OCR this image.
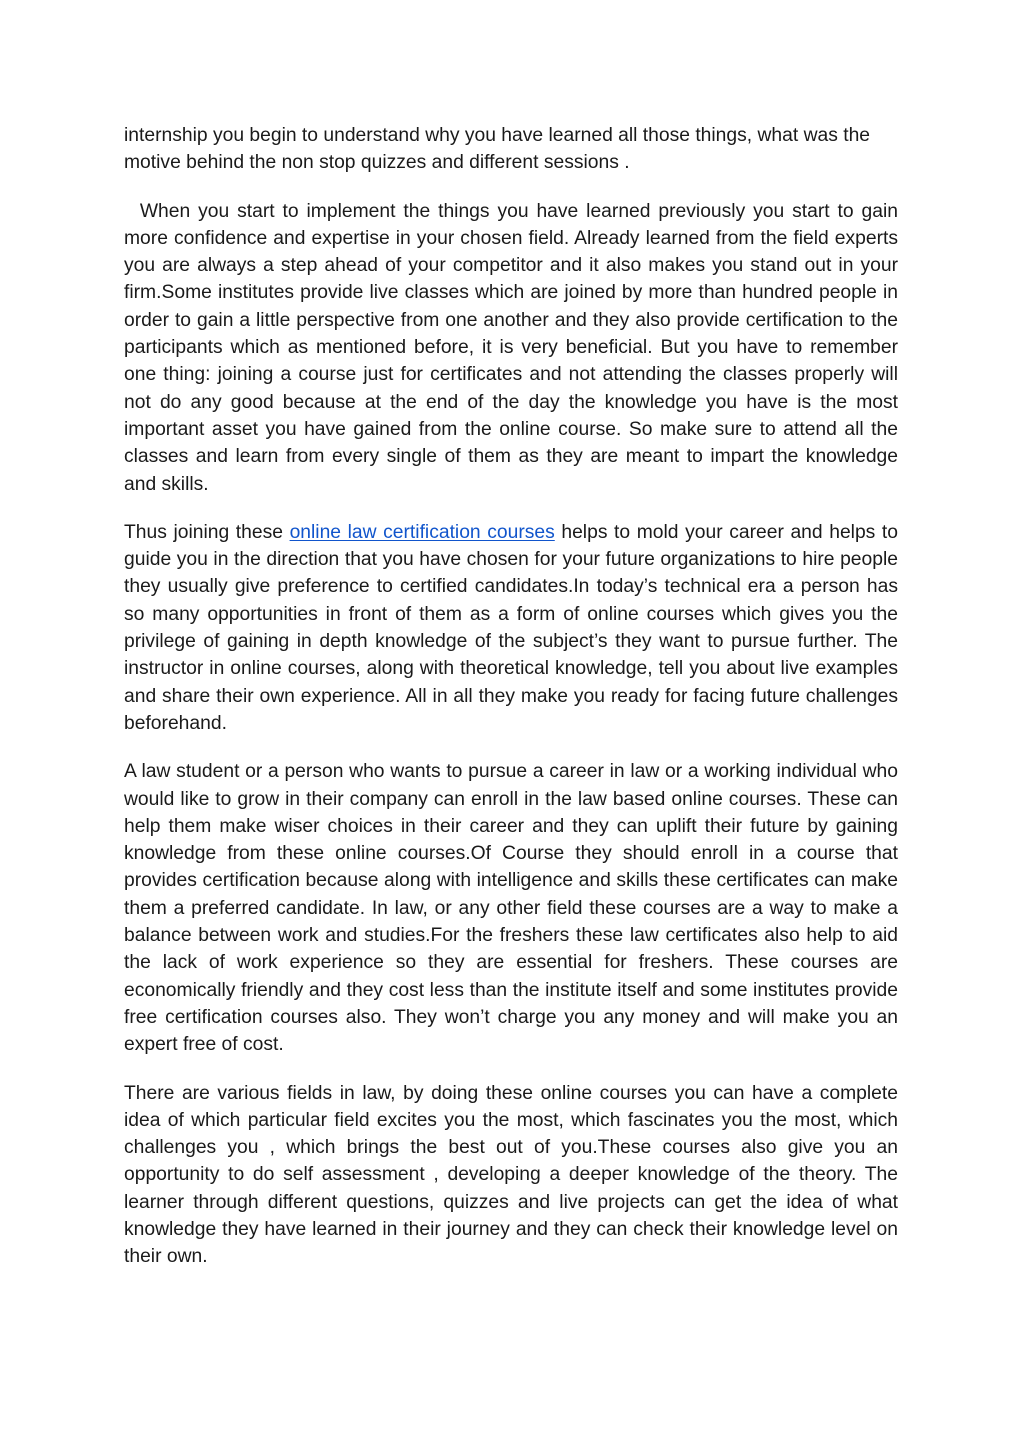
internship you begin to understand why you have learned all those things, what was the motive behind the non stop quizzes and different sessions .

When you start to implement the things you have learned previously you start to gain more confidence and expertise in your chosen field. Already learned from the field experts you are always a step ahead of your competitor and it also makes you stand out in your firm.Some institutes provide live classes which are joined by more than hundred people in order to gain a little perspective from one another and they also provide certification to the participants which as mentioned before, it is very beneficial. But you have to remember one thing: joining a course just for certificates and not attending the classes properly will not do any good because at the end of the day the knowledge you have is the most important asset you have gained from the online course. So make sure to attend all the classes and learn from every single of them as they are meant to impart the knowledge and skills.

Thus joining these online law certification courses helps to mold your career and helps to guide you in the direction that you have chosen for your future organizations to hire people they usually give preference to certified candidates.In today’s technical era a person has so many opportunities in front of them as a form of online courses which gives you the privilege of gaining in depth knowledge of the subject’s they want to pursue further. The instructor in online courses, along with theoretical knowledge, tell you about live examples and share their own experience. All in all they make you ready for facing future challenges beforehand.

A law student or a person who wants to pursue a career in law or a working individual who would like to grow in their company can enroll in the law based online courses. These can help them make wiser choices in their career and they can uplift their future by gaining knowledge from these online courses.Of Course they should enroll in a course that provides certification because along with intelligence and skills these certificates can make them a preferred candidate. In law, or any other field these courses are a way to make a balance between work and studies.For the freshers these law certificates also help to aid the lack of work experience so they are essential for freshers. These courses are economically friendly and they cost less than the institute itself and some institutes provide free certification courses also. They won’t charge you any money and will make you an expert free of cost.

There are various fields in law, by doing these online courses you can have a complete idea of which particular field excites you the most, which fascinates you the most, which challenges you , which brings the best out of you.These courses also give you an opportunity to do self assessment , developing a deeper knowledge of the theory. The learner through different questions, quizzes and live projects can get the idea of what knowledge they have learned in their journey and they can check their knowledge level on their own.
